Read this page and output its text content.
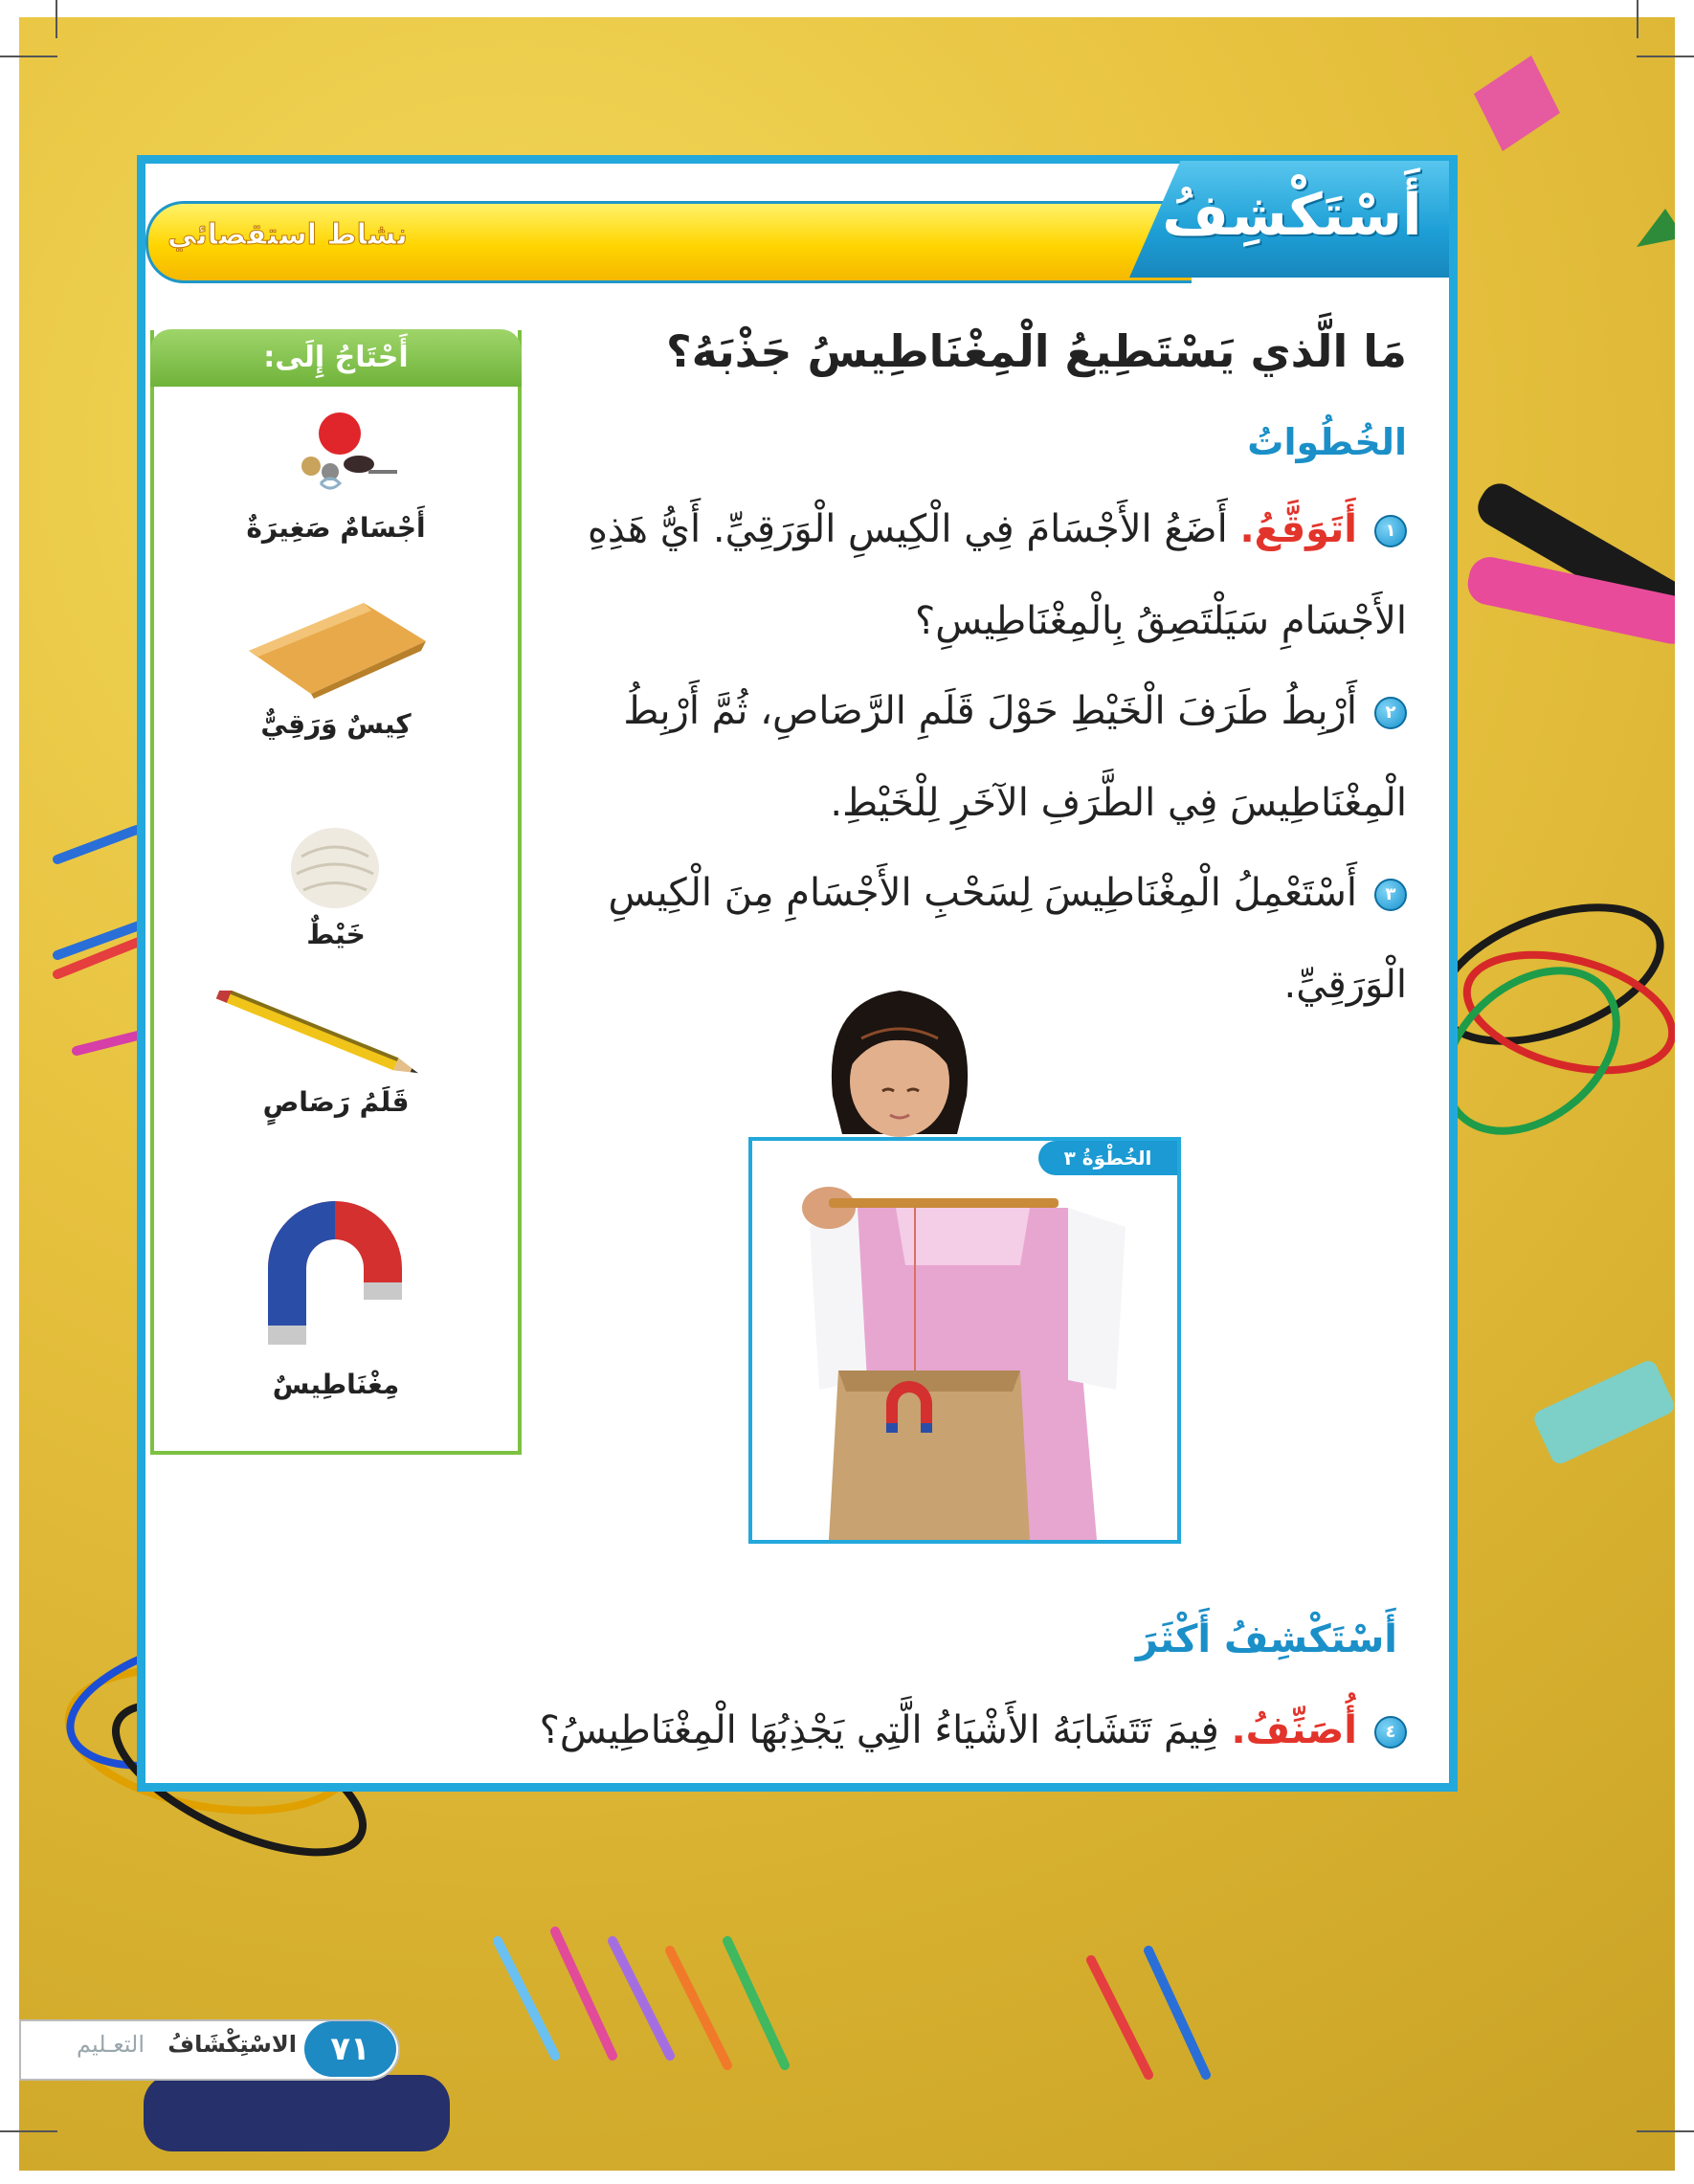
نشاط استقصائي	أَسْتَكْشِفُ
مَا الَّذي يَسْتَطِيعُ الْمِغْنَاطِيسُ جَذْبَهُ؟
الخُطُواتُ
١أَتَوَقَّعُ. أَضَعُ الأَجْسَامَ فِي الْكِيسِ الْوَرَقِيِّ. أَيُّ هَذِهِ
الأَجْسَامِ سَيَلْتَصِقُ بِالْمِغْنَاطِيسِ؟
٢أَرْبِطُ طَرَفَ الْخَيْطِ حَوْلَ قَلَمِ الرَّصَاصِ، ثُمَّ أَرْبِطُ
الْمِغْنَاطِيسَ فِي الطَّرَفِ الآخَرِ لِلْخَيْطِ.
٣أَسْتَعْمِلُ الْمِغْنَاطِيسَ لِسَحْبِ الأَجْسَامِ مِنَ الْكِيسِ
الْوَرَقِيِّ.
الخُطْوَةُ ٣
أَسْتَكْشِفُ أَكْثَرَ
٤أُصَنِّفُ. فِيمَ تَتَشَابَهُ الأَشْيَاءُ الَّتِي يَجْذِبُهَا الْمِغْنَاطِيسُ؟
أَحْتَاجُ إِلَى:
أَجْسَامٌ صَغِيرَةٌ
كِيسٌ وَرَقِيٌّ
خَيْطٌ
قَلَمُ رَصَاصٍ
مِغْنَاطِيسٌ
التعـليم	الاسْتِكْشَافُ	٧١
